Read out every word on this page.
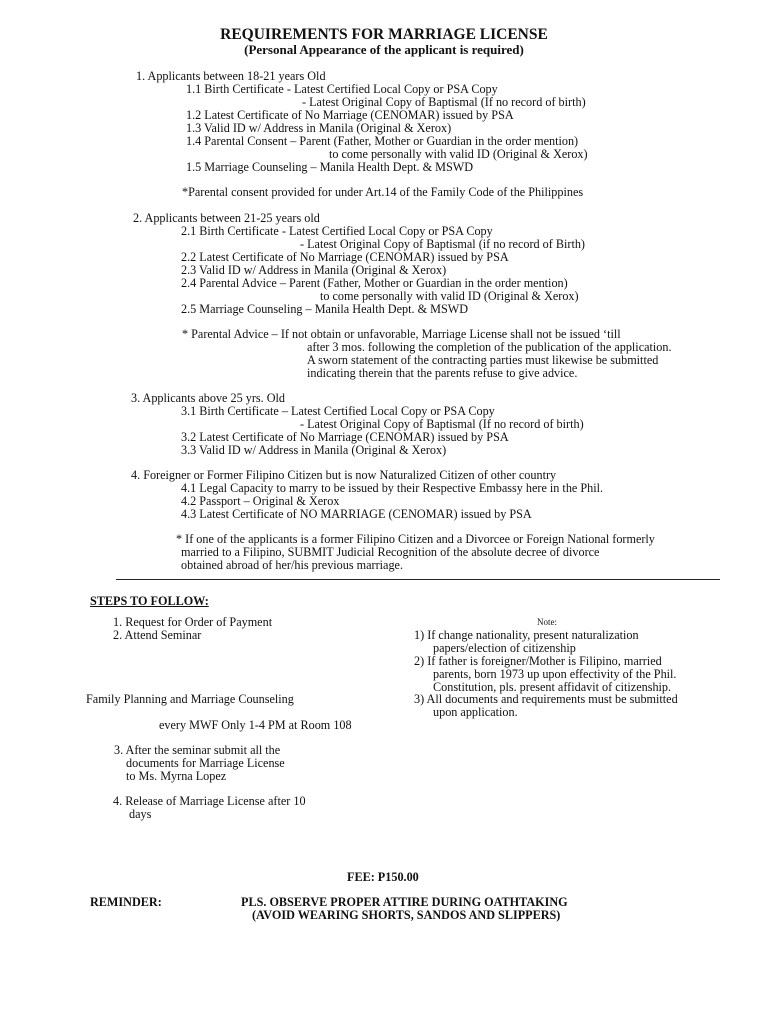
REQUIREMENTS FOR MARRIAGE LICENSE
(Personal Appearance of the applicant is required)
1. Applicants between 18-21 years Old
1.1 Birth Certificate - Latest Certified Local Copy or PSA Copy
- Latest Original Copy of Baptismal (If no record of birth)
1.2 Latest Certificate of No Marriage (CENOMAR) issued by PSA
1.3 Valid ID w/ Address in Manila (Original & Xerox)
1.4 Parental Consent – Parent (Father, Mother or Guardian in the order mention)
to come personally with valid ID (Original & Xerox)
1.5 Marriage Counseling – Manila Health Dept. & MSWD
*Parental consent provided for under Art.14 of the Family Code of the Philippines
2. Applicants between 21-25 years old
2.1 Birth Certificate - Latest Certified Local Copy or PSA Copy
- Latest Original Copy of Baptismal (if no record of Birth)
2.2 Latest Certificate of No Marriage (CENOMAR) issued by PSA
2.3 Valid ID w/ Address in Manila (Original & Xerox)
2.4 Parental Advice – Parent (Father, Mother or Guardian in the order mention)
to come personally with valid ID (Original & Xerox)
2.5 Marriage Counseling – Manila Health Dept. & MSWD
* Parental Advice – If not obtain or unfavorable, Marriage License shall not be issued ‘till
after 3 mos. following the completion of the publication of the application.
A sworn statement of the contracting parties must likewise be submitted
indicating therein that the parents refuse to give advice.
3. Applicants above 25 yrs. Old
3.1 Birth Certificate – Latest Certified Local Copy or PSA Copy
- Latest Original Copy of Baptismal (If no record of birth)
3.2 Latest Certificate of No Marriage (CENOMAR) issued by PSA
3.3 Valid ID w/ Address in Manila (Original & Xerox)
4. Foreigner or Former Filipino Citizen but is now Naturalized Citizen of other country
4.1 Legal Capacity to marry to be issued by their Respective Embassy here in the Phil.
4.2 Passport – Original & Xerox
4.3 Latest Certificate of NO MARRIAGE (CENOMAR) issued by PSA
* If one of the applicants is a former Filipino Citizen and a Divorcee or Foreign National formerly
married to a Filipino, SUBMIT Judicial Recognition of the absolute decree of divorce
obtained abroad of her/his previous marriage.
STEPS TO FOLLOW:
1. Request for Order of Payment
2. Attend Seminar
Family Planning and Marriage Counseling
every MWF Only 1-4 PM at Room 108
3. After the seminar submit all the
documents for Marriage License
to Ms. Myrna Lopez
4. Release of Marriage License after 10
days
Note:
1) If change nationality, present naturalization
papers/election of citizenship
2) If father is foreigner/Mother is Filipino, married
parents, born 1973 up upon effectivity of the Phil.
Constitution, pls. present affidavit of citizenship.
3) All documents and requirements must be submitted
upon application.
FEE: P150.00
REMINDER:	PLS. OBSERVE PROPER ATTIRE DURING OATHTAKING
(AVOID WEARING SHORTS, SANDOS AND SLIPPERS)
